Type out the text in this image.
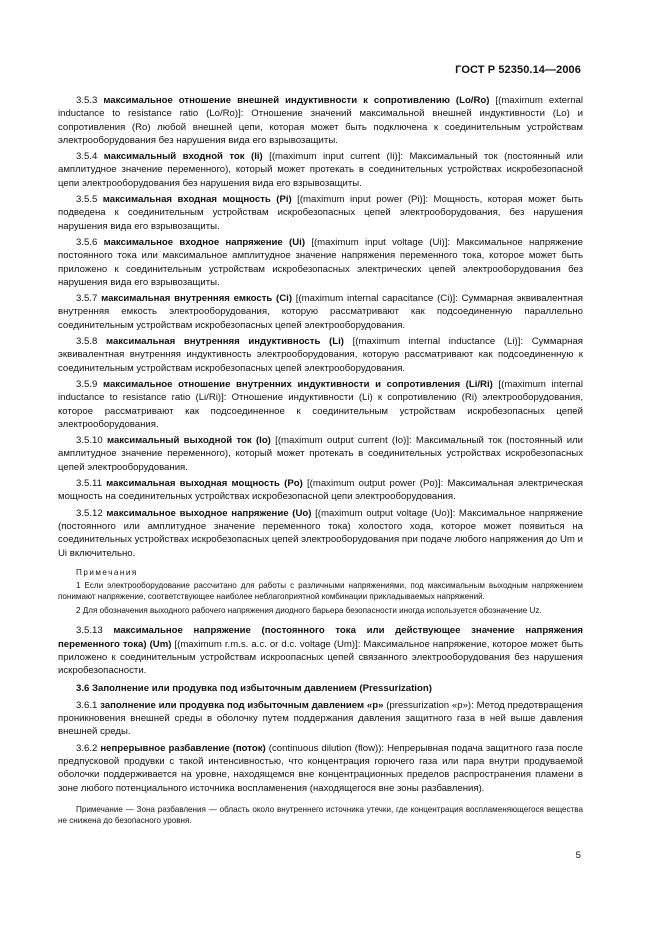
ГОСТ Р 52350.14—2006

3.5.3 максимальное отношение внешней индуктивности к сопротивлению (Lo/Ro) [(maximum external inductance to resistance ratio (Lo/Ro)]: Отношение значений максимальной внешней индуктивности (Lo) и сопротивления (Ro) любой внешней цепи, которая может быть подключена к соединительным устройствам электрооборудования без нарушения вида его взрывозащиты.

3.5.4 максимальный входной ток (Ii) [(maximum input current (Ii)]: Максимальный ток (постоянный или амплитудное значение переменного), который может протекать в соединительных устройствах искробезопасной цепи электрооборудования без нарушения вида его взрывозащиты.

3.5.5 максимальная входная мощность (Pi) [(maximum input power (Pi)]: Мощность, которая может быть подведена к соединительным устройствам искробезопасных цепей электрооборудования, без нарушения нарушения вида его взрывозащиты.

3.5.6 максимальное входное напряжение (Ui) [(maximum input voltage (Ui)]: Максимальное напряжение постоянного тока или максимальное амплитудное значение напряжения переменного тока, которое может быть приложено к соединительным устройствам искробезопасных электрических цепей электрооборудования без нарушения вида его взрывозащиты.

3.5.7 максимальная внутренняя емкость (Ci) [(maximum internal capacitance (Ci)]: Суммарная эквивалентная внутренняя емкость электрооборудования, которую рассматривают как подсоединенную параллельно соединительным устройствам искробезопасных цепей электрооборудования.

3.5.8 максимальная внутренняя индуктивность (Li) [(maximum internal inductance (Li)]: Суммарная эквивалентная внутренняя индуктивность электрооборудования, которую рассматривают как подсоединенную к соединительным устройствам искробезопасных цепей электрооборудования.

3.5.9 максимальное отношение внутренних индуктивности и сопротивления (Li/Ri) [(maximum internal inductance to resistance ratio (Li/Ri)]: Отношение индуктивности (Li) к сопротивлению (Ri) электрооборудования, которое рассматривают как подсоединенное к соединительным устройствам искробезопасных цепей электрооборудования.

3.5.10 максимальный выходной ток (Io) [(maximum output current (Io)]: Максимальный ток (постоянный или амплитудное значение переменного), который может протекать в соединительных устройствах искробезопасных цепей электрооборудования.

3.5.11 максимальная выходная мощность (Po) [(maximum output power (Po)]: Максимальная электрическая мощность на соединительных устройствах искробезопасной цепи электрооборудования.

3.5.12 максимальное выходное напряжение (Uo) [(maximum output voltage (Uo)]: Максимальное напряжение (постоянного или амплитудное значение переменного тока) холостого хода, которое может появиться на соединительных устройствах искробезопасных цепей электрооборудования при подаче любого напряжения до Um и Ui включительно.

Примечания

1 Если электрооборудование рассчитано для работы с различными напряжениями, под максимальным выходным напряжением понимают напряжение, соответствующее наиболее неблагоприятной комбинации прикладываемых напряжений.

2 Для обозначения выходного рабочего напряжения диодного барьера безопасности иногда используется обозначение Uz.

3.5.13 максимальное напряжение (постоянного тока или действующее значение напряжения переменного тока) (Um) [(maximum r.m.s. a.c. or d.c. voltage (Um)]: Максимальное напряжение, которое может быть приложено к соединительным устройствам искроопасных цепей связанного электрооборудования без нарушения искробезопасности.

3.6 Заполнение или продувка под избыточным давлением (Pressurization)

3.6.1 заполнение или продувка под избыточным давлением «p» (pressurization «p»): Метод предотвращения проникновения внешней среды в оболочку путем поддержания давления защитного газа в ней выше давления внешней среды.

3.6.2 непрерывное разбавление (поток) (continuous dilution (flow)): Непрерывная подача защитного газа после предпусковой продувки с такой интенсивностью, что концентрация горючего газа или пара внутри продуваемой оболочки поддерживается на уровне, находящемся вне концентрационных пределов распространения пламени в зоне любого потенциального источника воспламенения (находящегося вне зоны разбавления).

Примечание — Зона разбавления — область около внутреннего источника утечки, где концентрация воспламеняющегося вещества не снижена до безопасного уровня.

5
